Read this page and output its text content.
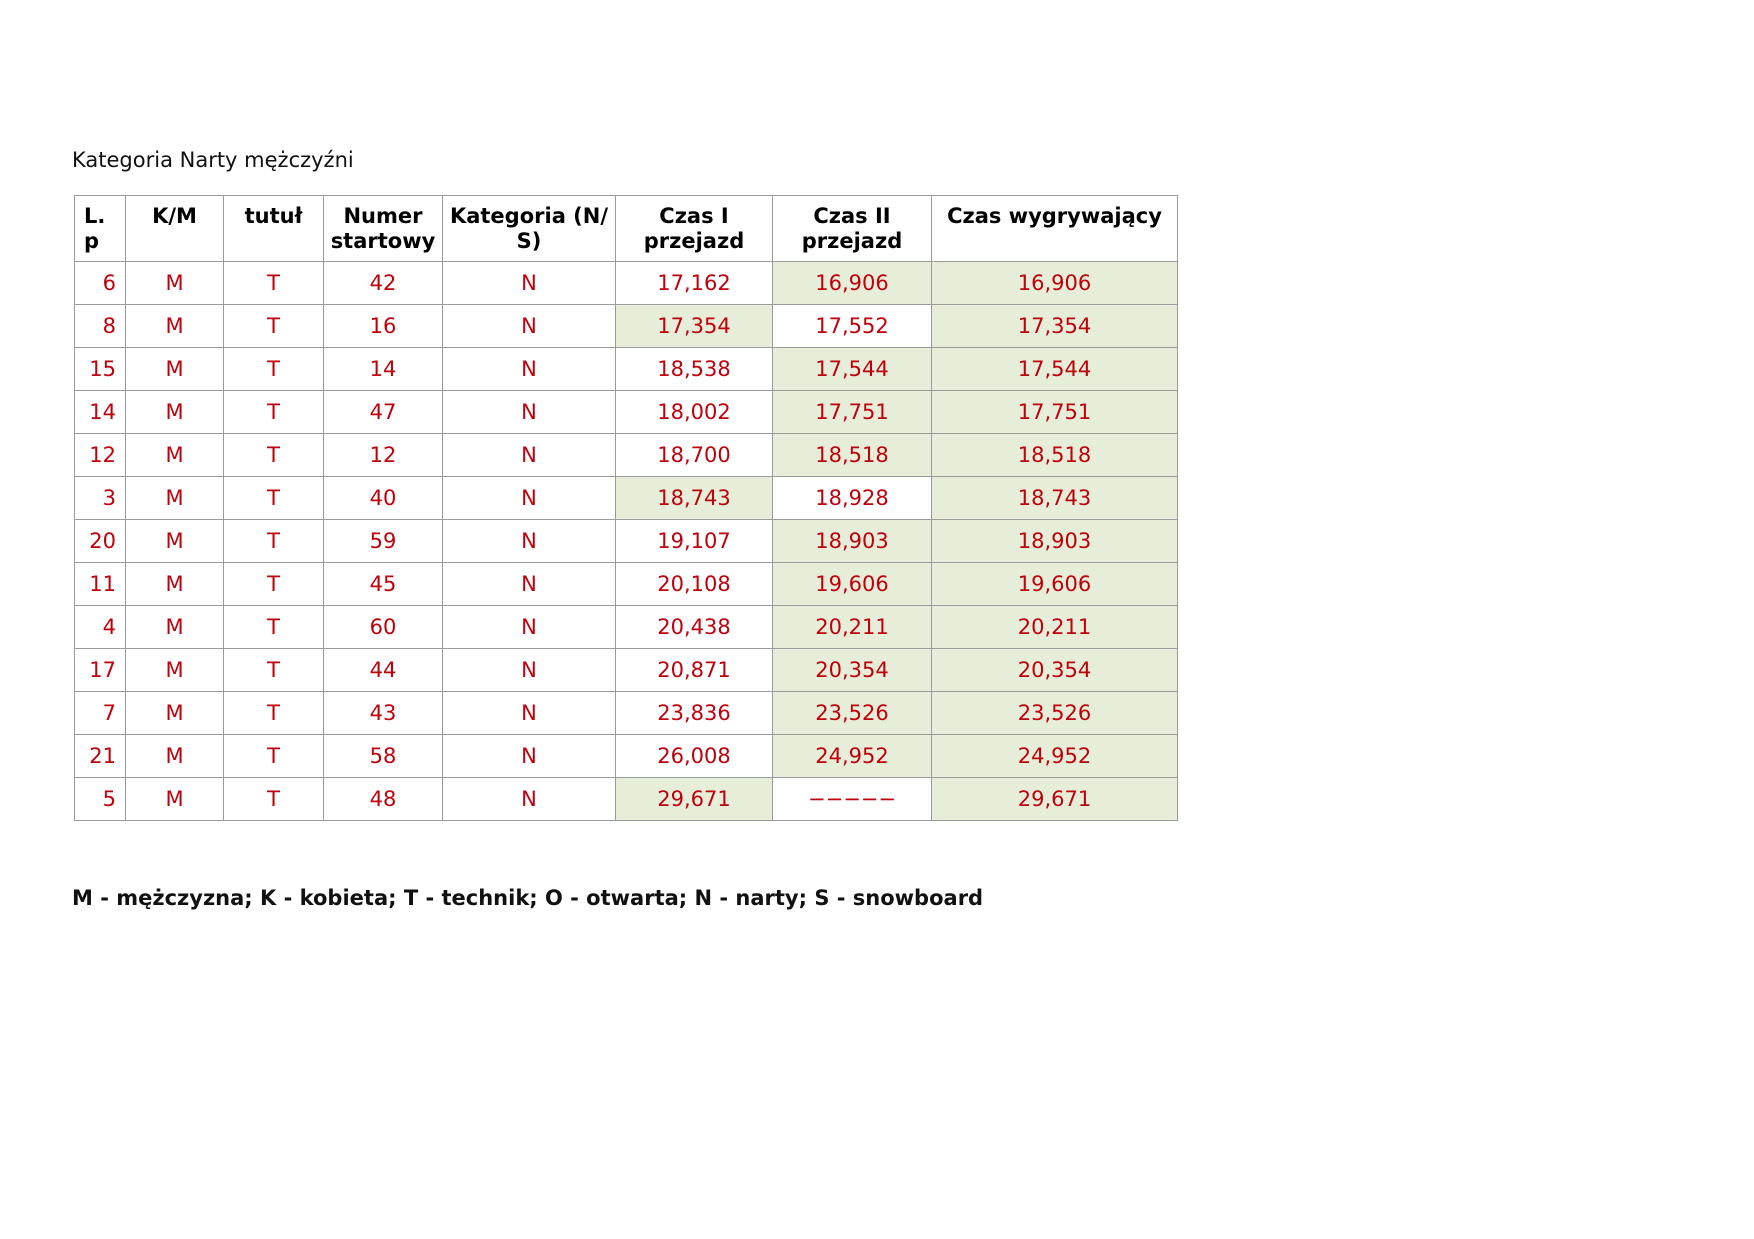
Kategoria Narty mężczyźni
L. p	K/M	tutuł	Numer startowy	Kategoria (N/ S)	Czas I przejazd	Czas II przejazd	Czas wygrywający
6	M	T	42	N	17,162	16,906	16,906
8	M	T	16	N	17,354	17,552	17,354
15	M	T	14	N	18,538	17,544	17,544
14	M	T	47	N	18,002	17,751	17,751
12	M	T	12	N	18,700	18,518	18,518
3	M	T	40	N	18,743	18,928	18,743
20	M	T	59	N	19,107	18,903	18,903
11	M	T	45	N	20,108	19,606	19,606
4	M	T	60	N	20,438	20,211	20,211
17	M	T	44	N	20,871	20,354	20,354
7	M	T	43	N	23,836	23,526	23,526
21	M	T	58	N	26,008	24,952	24,952
5	M	T	48	N	29,671	−−−−−	29,671
M - mężczyzna; K - kobieta; T - technik; O - otwarta; N - narty; S - snowboard
